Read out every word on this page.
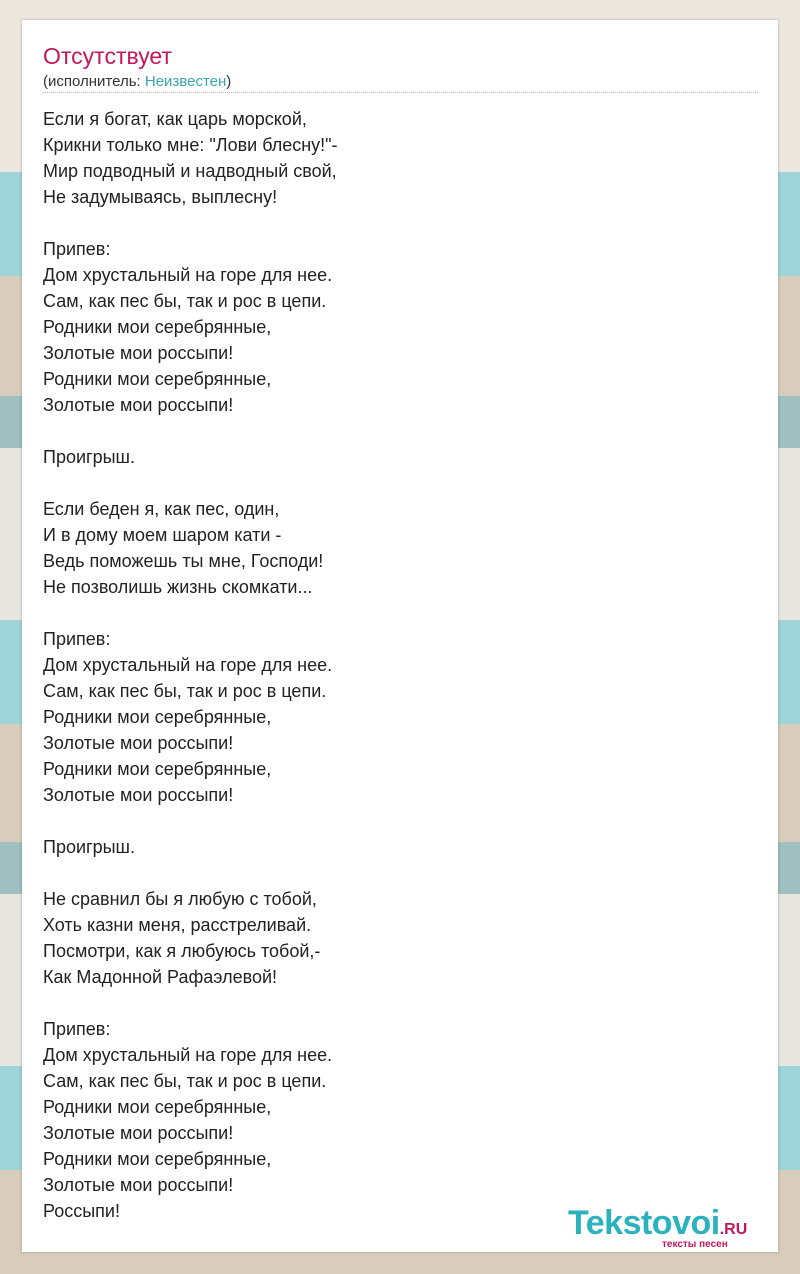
Отсутствует
(исполнитель: Неизвестен)
Если я богат, как царь морской,
Крикни только мне: "Лови блесну!"-
Мир подводный и надводный свой,
Не задумываясь, выплесну!
Припев:
Дом хрустальный на горе для нее.
Сам, как пес бы, так и рос в цепи.
Родники мои серебрянные,
Золотые мои россыпи!
Родники мои серебрянные,
Золотые мои россыпи!
Проигрыш.
Если беден я, как пес, один,
И в дому моем шаром кати -
Ведь поможешь ты мне, Господи!
Не позволишь жизнь скомкати...
Припев:
Дом хрустальный на горе для нее.
Сам, как пес бы, так и рос в цепи.
Родники мои серебрянные,
Золотые мои россыпи!
Родники мои серебрянные,
Золотые мои россыпи!
Проигрыш.
Не сравнил бы я любую с тобой,
Хоть казни меня, расстреливай.
Посмотри, как я любуюсь тобой,-
Как Мадонной Рафаэлевой!
Припев:
Дом хрустальный на горе для нее.
Сам, как пес бы, так и рос в цепи.
Родники мои серебрянные,
Золотые мои россыпи!
Родники мои серебрянные,
Золотые мои россыпи!
Россыпи!	Tekstovoi.RU
тексты песен
